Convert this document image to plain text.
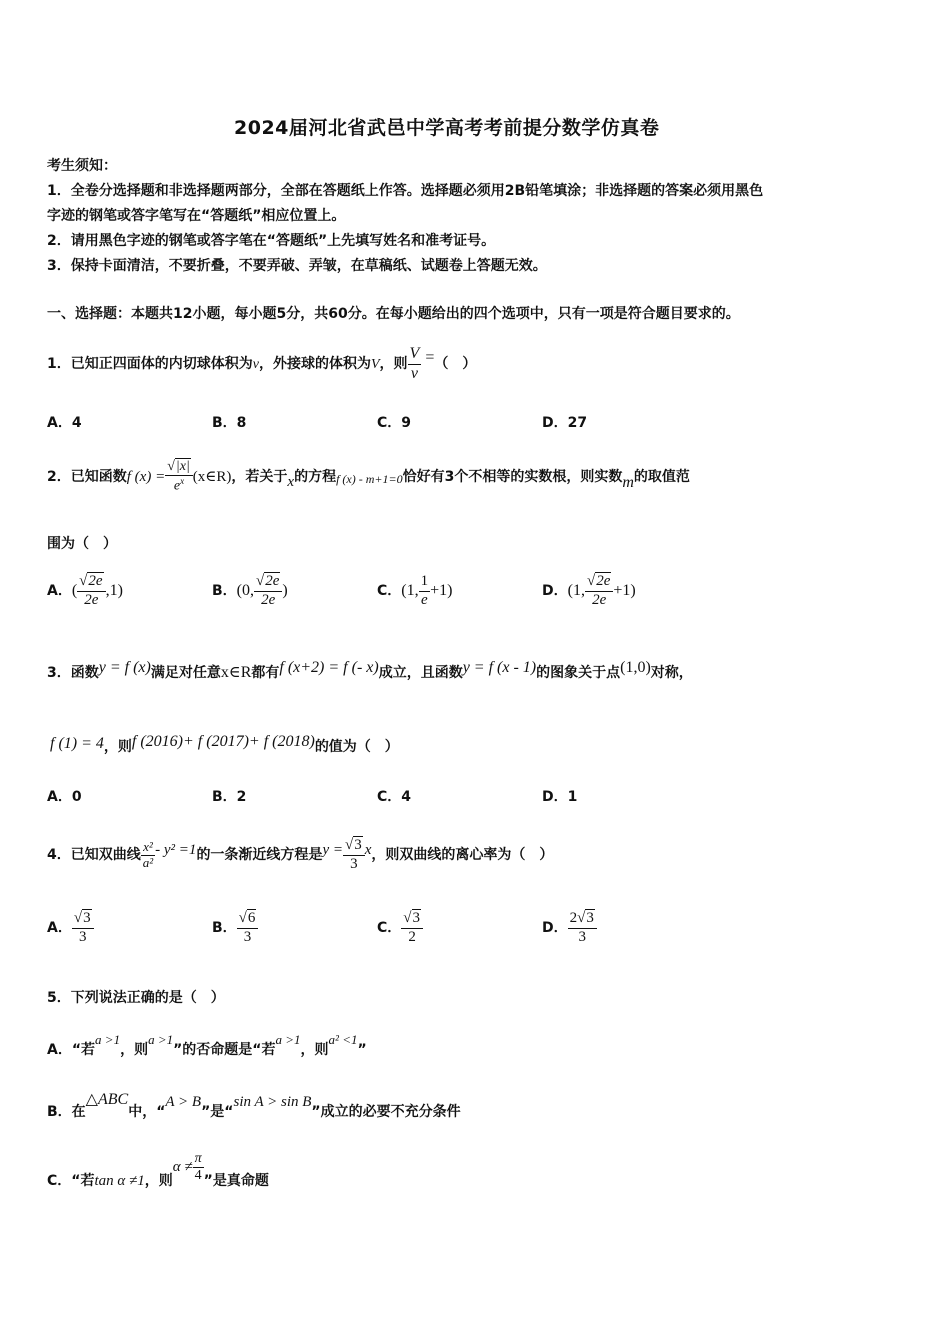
2024届河北省武邑中学高考考前提分数学仿真卷
考生须知：
1．全卷分选择题和非选择题两部分，全部在答题纸上作答。选择题必须用2B铅笔填涂；非选择题的答案必须用黑色
字迹的钢笔或答字笔写在“答题纸”相应位置上。
2．请用黑色字迹的钢笔或答字笔在“答题纸”上先填写姓名和准考证号。
3．保持卡面清洁，不要折叠，不要弄破、弄皱，在草稿纸、试题卷上答题无效。
一、选择题：本题共12小题，每小题5分，共60分。在每小题给出的四个选项中，只有一项是符合题目要求的。
1．已知正四面体的内切球体积为v，外接球的体积为V，则 $\frac{V}{v}$ =（　）
A．4	B．8	C．9	D．27
2．已知函数f $(x) = \frac{√|x|}{e^x}$ (x∈R)，若关于x的方程f (x) - m+1=0恰好有3个不相等的实数根，则实数m的取值范
围为（　）
A．( $\frac{√2e}{2e} ,1$)	B．(0, $\frac{√2e}{2e}$ )	C．(1, $\frac{1}{e} +1$)	D．(1, $\frac{√2e}{2e} +1$)
3．函数y = f (x)满足对任意x∈R都有f (x+2) = f (- x)成立，且函数y = f (x - 1)的图象关于点(1,0)对称，
f (1) = 4，则f (2016)+ f (2017)+ f (2018)的值为（　）
A．0	B．2	C．4	D．1
4．已知双曲线 $\frac{\text{x²}}{\text{a²}} - y^2 =1$的一条渐近线方程是$y = \frac{√3}{3}$ x，则双曲线的离心率为（　）
A． $\frac{√3}{3}$	B． $\frac{√6}{3}$	C． $\frac{√3}{2}$	D． $\frac{2√3}{3}$
5．下列说法正确的是（　）
A．“若a >1，则a >1”的否命题是“若a >1，则a² <1”
B．在△ABC中，“A > B”是“sin A > sin B”成立的必要不充分条件
C．“若tan α ≠1，则$\alpha \ne \frac{\pi}{4}$ ”是真命题
